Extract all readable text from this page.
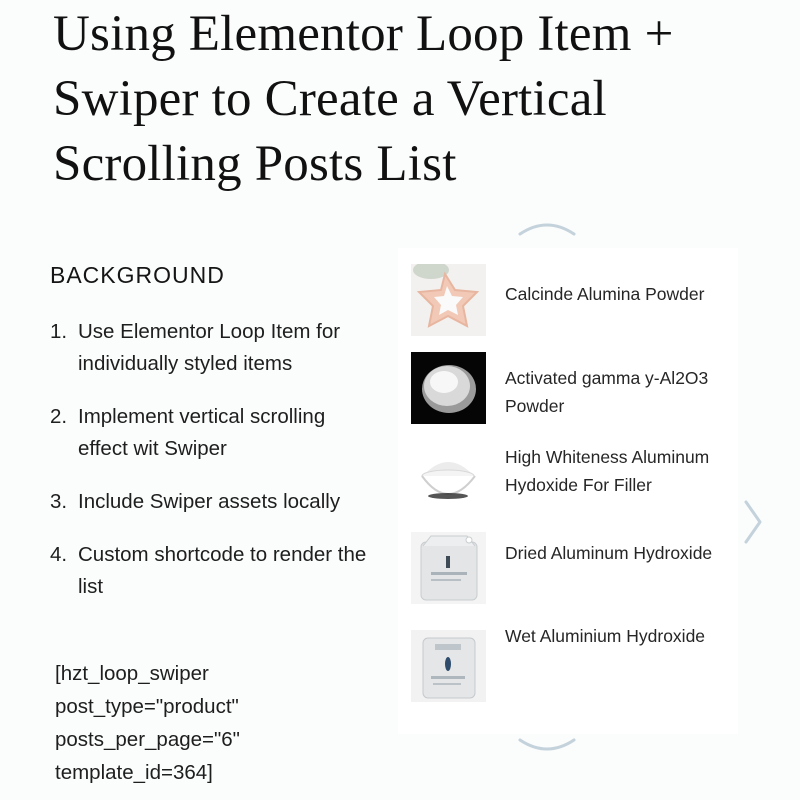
Using Elementor Loop Item + Swiper to Create a Vertical Scrolling Posts List
BACKGROUND
1. Use Elementor Loop Item for individually styled items
2. Implement vertical scrolling effect wit Swiper
3. Include Swiper assets locally
4. Custom shortcode to render the list
[hzt_loop_swiper
post_type="product"
posts_per_page="6"
template_id=364]
Calcinde Alumina Powder
Activated gamma y-Al2O3 Powder
High Whiteness Aluminum Hydoxide For Filler
Dried Aluminum Hydroxide
Wet Aluminium Hydroxide
